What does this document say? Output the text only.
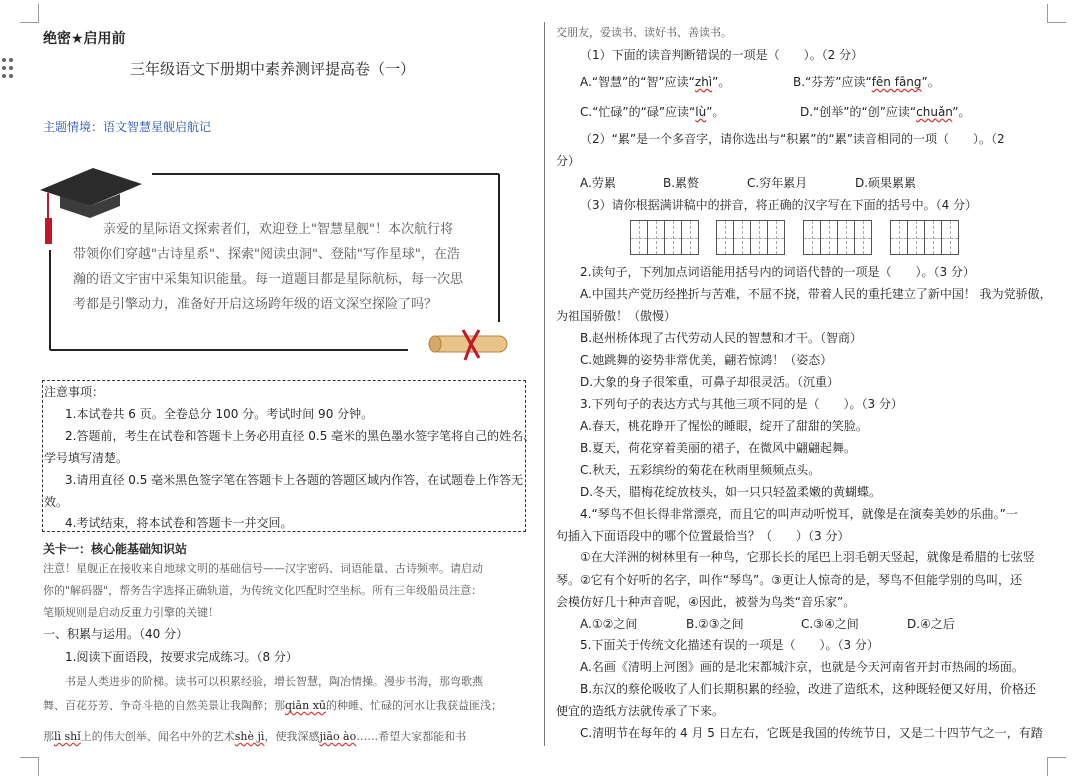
绝密★启用前
三年级语文下册期中素养测评提高卷（一）
主题情境：语文智慧星舰启航记
亲爱的星际语文探索者们，欢迎登上"智慧星舰"！本次航行将
带领你们穿越"古诗星系"、探索"阅读虫洞"、登陆"写作星球"，在浩
瀚的语文宇宙中采集知识能量。每一道题目都是星际航标，每一次思
考都是引擎动力，准备好开启这场跨年级的语文深空探险了吗？
注意事项：
1.本试卷共 6 页。全卷总分 100 分。考试时间 90 分钟。
2.答题前，考生在试卷和答题卡上务必用直径 0.5 毫米的黑色墨水签字笔将自己的姓名、
学号填写清楚。
3.请用直径 0.5 毫米黑色签字笔在答题卡上各题的答题区域内作答，在试题卷上作答无
效。
4.考试结束，将本试卷和答题卡一并交回。
关卡一：核心能基础知识站
注意！星舰正在接收来自地球文明的基础信号——汉字密码、词语能量、古诗频率。请启动
你的"解码器"，帮务告字选择正确轨道，为传统文化匹配时空坐标。所有三年级船员注意：
笔顺规则是启动反重力引擎的关键！
一、积累与运用。（40 分）
1.阅读下面语段，按要求完成练习。（8 分）
书是人类进步的阶梯。读书可以积累经验，增长智慧，陶冶情操。漫步书海，那弯歌燕
舞、百花芬芳、争奇斗艳的自然美景让我陶醉；那qiān xū的种睡、忙碌的河水让我获益匪浅；
那lì shǐ上的伟大创举、闻名中外的艺术shè jì，使我深感jiāo ào……希望大家都能和书
交朋友，爱读书、读好书、善读书。
（1）下面的读音判断错误的一项是（　　）。（2 分）
A.“智慧”的“智”应读“zhì”。	B.“芬芳”应读“fēn fāng”。
C.“忙碌”的“碌”应读“lù”。	D.“创举”的“创”应读“chuǎn”。
（2）“累”是一个多音字，请你选出与“积累”的“累”读音相同的一项（　　）。（2
分）
A.劳累	B.累赘	C.穷年累月	D.硕果累累
（3）请你根据满讲稿中的拼音，将正确的汉字写在下面的括号中。（4 分）
2.读句子，下列加点词语能用括号内的词语代替的一项是（　　）。（3 分）
A.中国共产党历经挫折与苦难，不屈不挠，带着人民的重托建立了新中国！ 我为党骄傲，
为祖国骄傲！（傲慢）
B.赵州桥体现了古代劳动人民的智慧和才干。（智商）
C.她跳舞的姿势非常优美，翩若惊鸿！（姿态）
D.大象的身子很笨重，可鼻子却很灵活。（沉重）
3.下列句子的表达方式与其他三项不同的是（　　）。（3 分）
A.春天，桃花睁开了惺忪的睡眼，绽开了甜甜的笑脸。
B.夏天，荷花穿着美丽的裙子，在微风中翩翩起舞。
C.秋天，五彩缤纷的菊花在秋雨里频频点头。
D.冬天，腊梅花绽放枝头，如一只只轻盈柔嫩的黄蝴蝶。
4.“琴鸟不但长得非常漂亮，而且它的叫声动听悦耳，就像是在演奏美妙的乐曲。”一
句插入下面语段中的哪个位置最恰当？（　　）（3 分）
①在大洋洲的树林里有一种鸟，它那长长的尾巴上羽毛朝天竖起，就像是希腊的七弦竖
琴。②它有个好听的名字，叫作“琴鸟”。③更让人惊奇的是，琴鸟不但能学别的鸟叫，还
会模仿好几十种声音呢，④因此，被誉为鸟类“音乐家”。
A.①②之间	B.②③之间	C.③④之间	D.④之后
5.下面关于传统文化描述有误的一项是（　　）。（3 分）
A.名画《清明上河图》画的是北宋都城汴京，也就是今天河南省开封市热闹的场面。
B.东汉的蔡伦吸收了人们长期积累的经验，改进了造纸术，这种既轻便又好用，价格还
便宜的造纸方法就传承了下来。
C.清明节在每年的 4 月 5 日左右，它既是我国的传统节日，又是二十四节气之一，有踏
